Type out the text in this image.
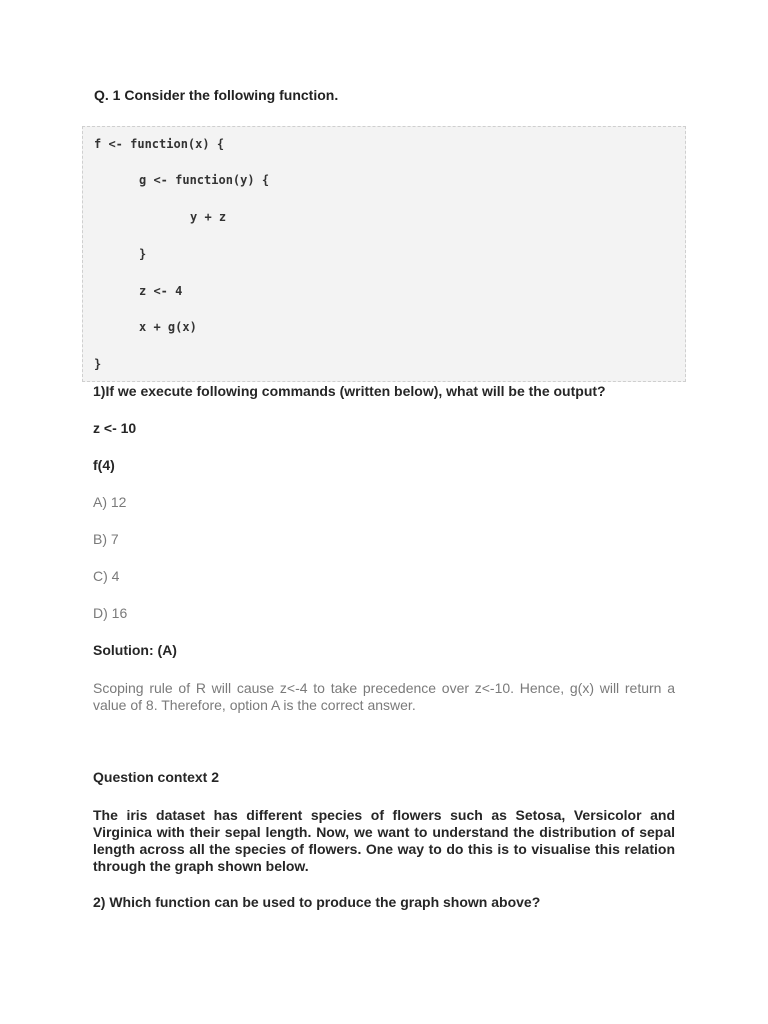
Q. 1 Consider the following function.
f <- function(x) {
g <- function(y) {
y + z
}
z <- 4
x + g(x)
}
1)If we execute following commands (written below), what will be the output?
z <- 10
f(4)
A) 12
B) 7
C) 4
D) 16
Solution: (A)
Scoping rule of R will cause z<-4 to take precedence over z<-10. Hence, g(x) will return a value of 8. Therefore, option A is the correct answer.
Question context 2
The iris dataset has different species of flowers such as Setosa, Versicolor and Virginica with their sepal length. Now, we want to understand the distribution of sepal length across all the species of flowers. One way to do this is to visualise this relation through the graph shown below.
2) Which function can be used to produce the graph shown above?
